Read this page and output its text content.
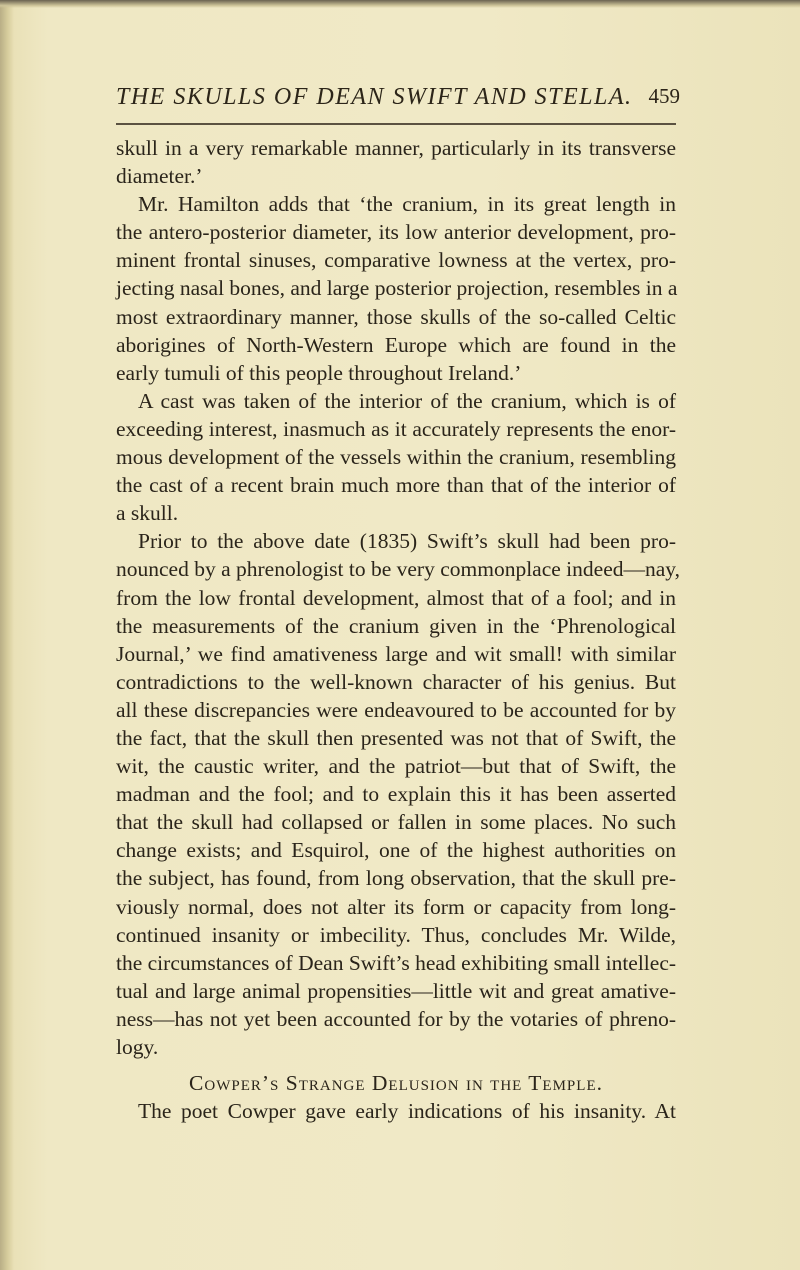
THE SKULLS OF DEAN SWIFT AND STELLA. 459
skull in a very remarkable manner, particularly in its transverse
diameter.’
Mr. Hamilton adds that ‘the cranium, in its great length in
the antero-posterior diameter, its low anterior development, pro-
minent frontal sinuses, comparative lowness at the vertex, pro-
jecting nasal bones, and large posterior projection, resembles in a
most extraordinary manner, those skulls of the so-called Celtic
aborigines of North-Western Europe which are found in the
early tumuli of this people throughout Ireland.’
A cast was taken of the interior of the cranium, which is of
exceeding interest, inasmuch as it accurately represents the enor-
mous development of the vessels within the cranium, resembling
the cast of a recent brain much more than that of the interior of
a skull.
Prior to the above date (1835) Swift’s skull had been pro-
nounced by a phrenologist to be very commonplace indeed—nay,
from the low frontal development, almost that of a fool; and in
the measurements of the cranium given in the ‘Phrenological
Journal,’ we find amativeness large and wit small! with similar
contradictions to the well-known character of his genius. But
all these discrepancies were endeavoured to be accounted for by
the fact, that the skull then presented was not that of Swift, the
wit, the caustic writer, and the patriot—but that of Swift, the
madman and the fool; and to explain this it has been asserted
that the skull had collapsed or fallen in some places. No such
change exists; and Esquirol, one of the highest authorities on
the subject, has found, from long observation, that the skull pre-
viously normal, does not alter its form or capacity from long-
continued insanity or imbecility. Thus, concludes Mr. Wilde,
the circumstances of Dean Swift’s head exhibiting small intellec-
tual and large animal propensities—little wit and great amative-
ness—has not yet been accounted for by the votaries of phreno-
logy.
Cowper’s Strange Delusion in the Temple.
The poet Cowper gave early indications of his insanity. At
